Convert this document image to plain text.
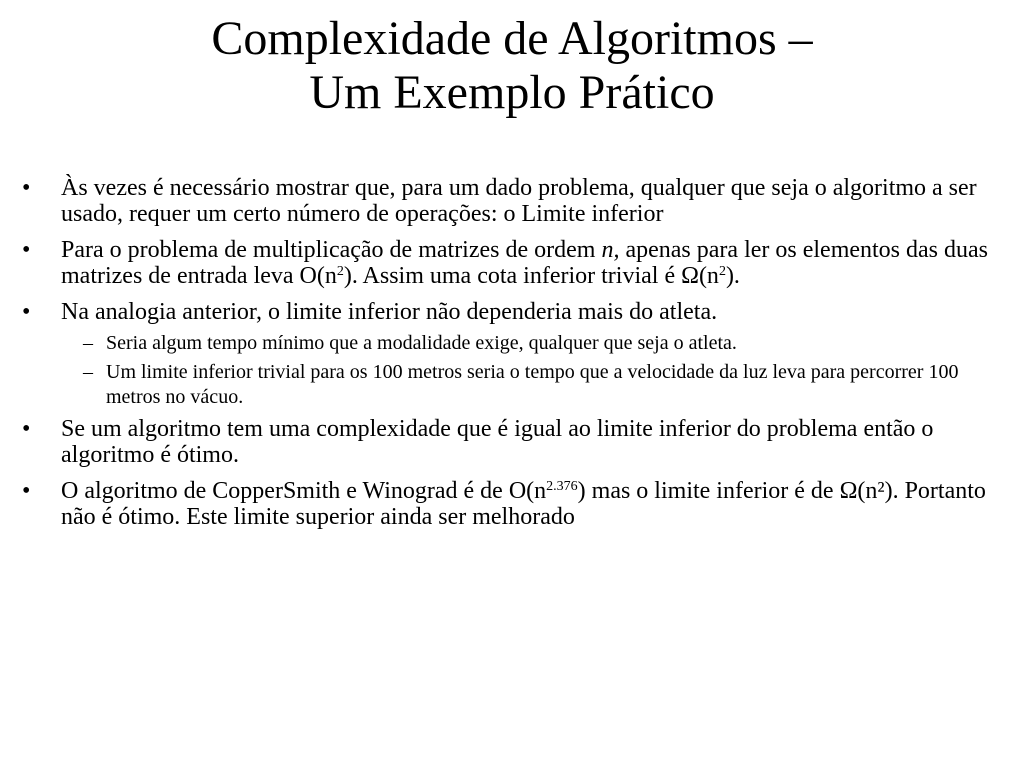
Complexidade de Algoritmos –
Um Exemplo Prático
• Às vezes é necessário mostrar que, para um dado problema, qualquer que seja o algoritmo a ser usado, requer um certo número de operações: o Limite inferior
• Para o problema de multiplicação de matrizes de ordem n, apenas para ler os elementos das duas matrizes de entrada leva $O(n^2)$. Assim uma cota inferior trivial é $\Omega(n^2)$.
• Na analogia anterior, o limite inferior não dependeria mais do atleta.
– Seria algum tempo mínimo que a modalidade exige, qualquer que seja o atleta.
– Um limite inferior trivial para os 100 metros seria o tempo que a velocidade da luz leva para percorrer 100 metros no vácuo.
• Se um algoritmo tem uma complexidade que é igual ao limite inferior do problema então o algoritmo é ótimo.
• O algoritmo de CopperSmith e Winograd é de $O(n^{2.376})$ mas o limite inferior é de Ω(n²). Portanto não é ótimo. Este limite superior ainda ser melhorado
